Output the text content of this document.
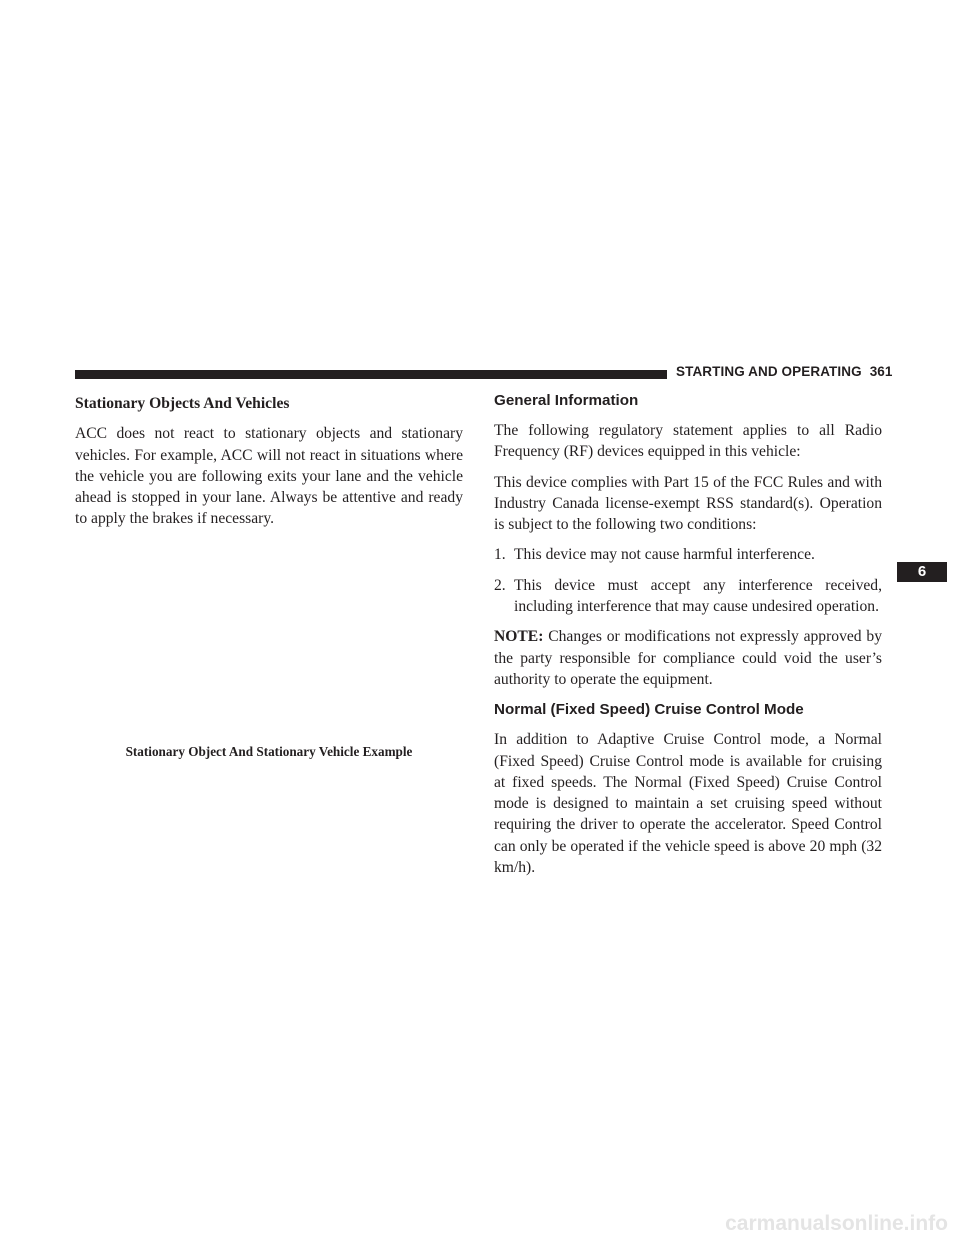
STARTING AND OPERATING 361
Stationary Objects And Vehicles

ACC does not react to stationary objects and stationary vehicles. For example, ACC will not react in situations where the vehicle you are following exits your lane and the vehicle ahead is stopped in your lane. Always be attentive and ready to apply the brakes if necessary.

Stationary Object And Stationary Vehicle Example
General Information

The following regulatory statement applies to all Radio Frequency (RF) devices equipped in this vehicle:

This device complies with Part 15 of the FCC Rules and with Industry Canada license-exempt RSS standard(s). Operation is subject to the following two conditions:

1. This device may not cause harmful interference.
2. This device must accept any interference received, including interference that may cause undesired operation.

NOTE: Changes or modifications not expressly approved by the party responsible for compliance could void the user’s authority to operate the equipment.

Normal (Fixed Speed) Cruise Control Mode

In addition to Adaptive Cruise Control mode, a Normal (Fixed Speed) Cruise Control mode is available for cruising at fixed speeds. The Normal (Fixed Speed) Cruise Control mode is designed to maintain a set cruising speed without requiring the driver to operate the accelerator. Speed Control can only be operated if the vehicle speed is above 20 mph (32 km/h).

6
carmanualsonline.info
